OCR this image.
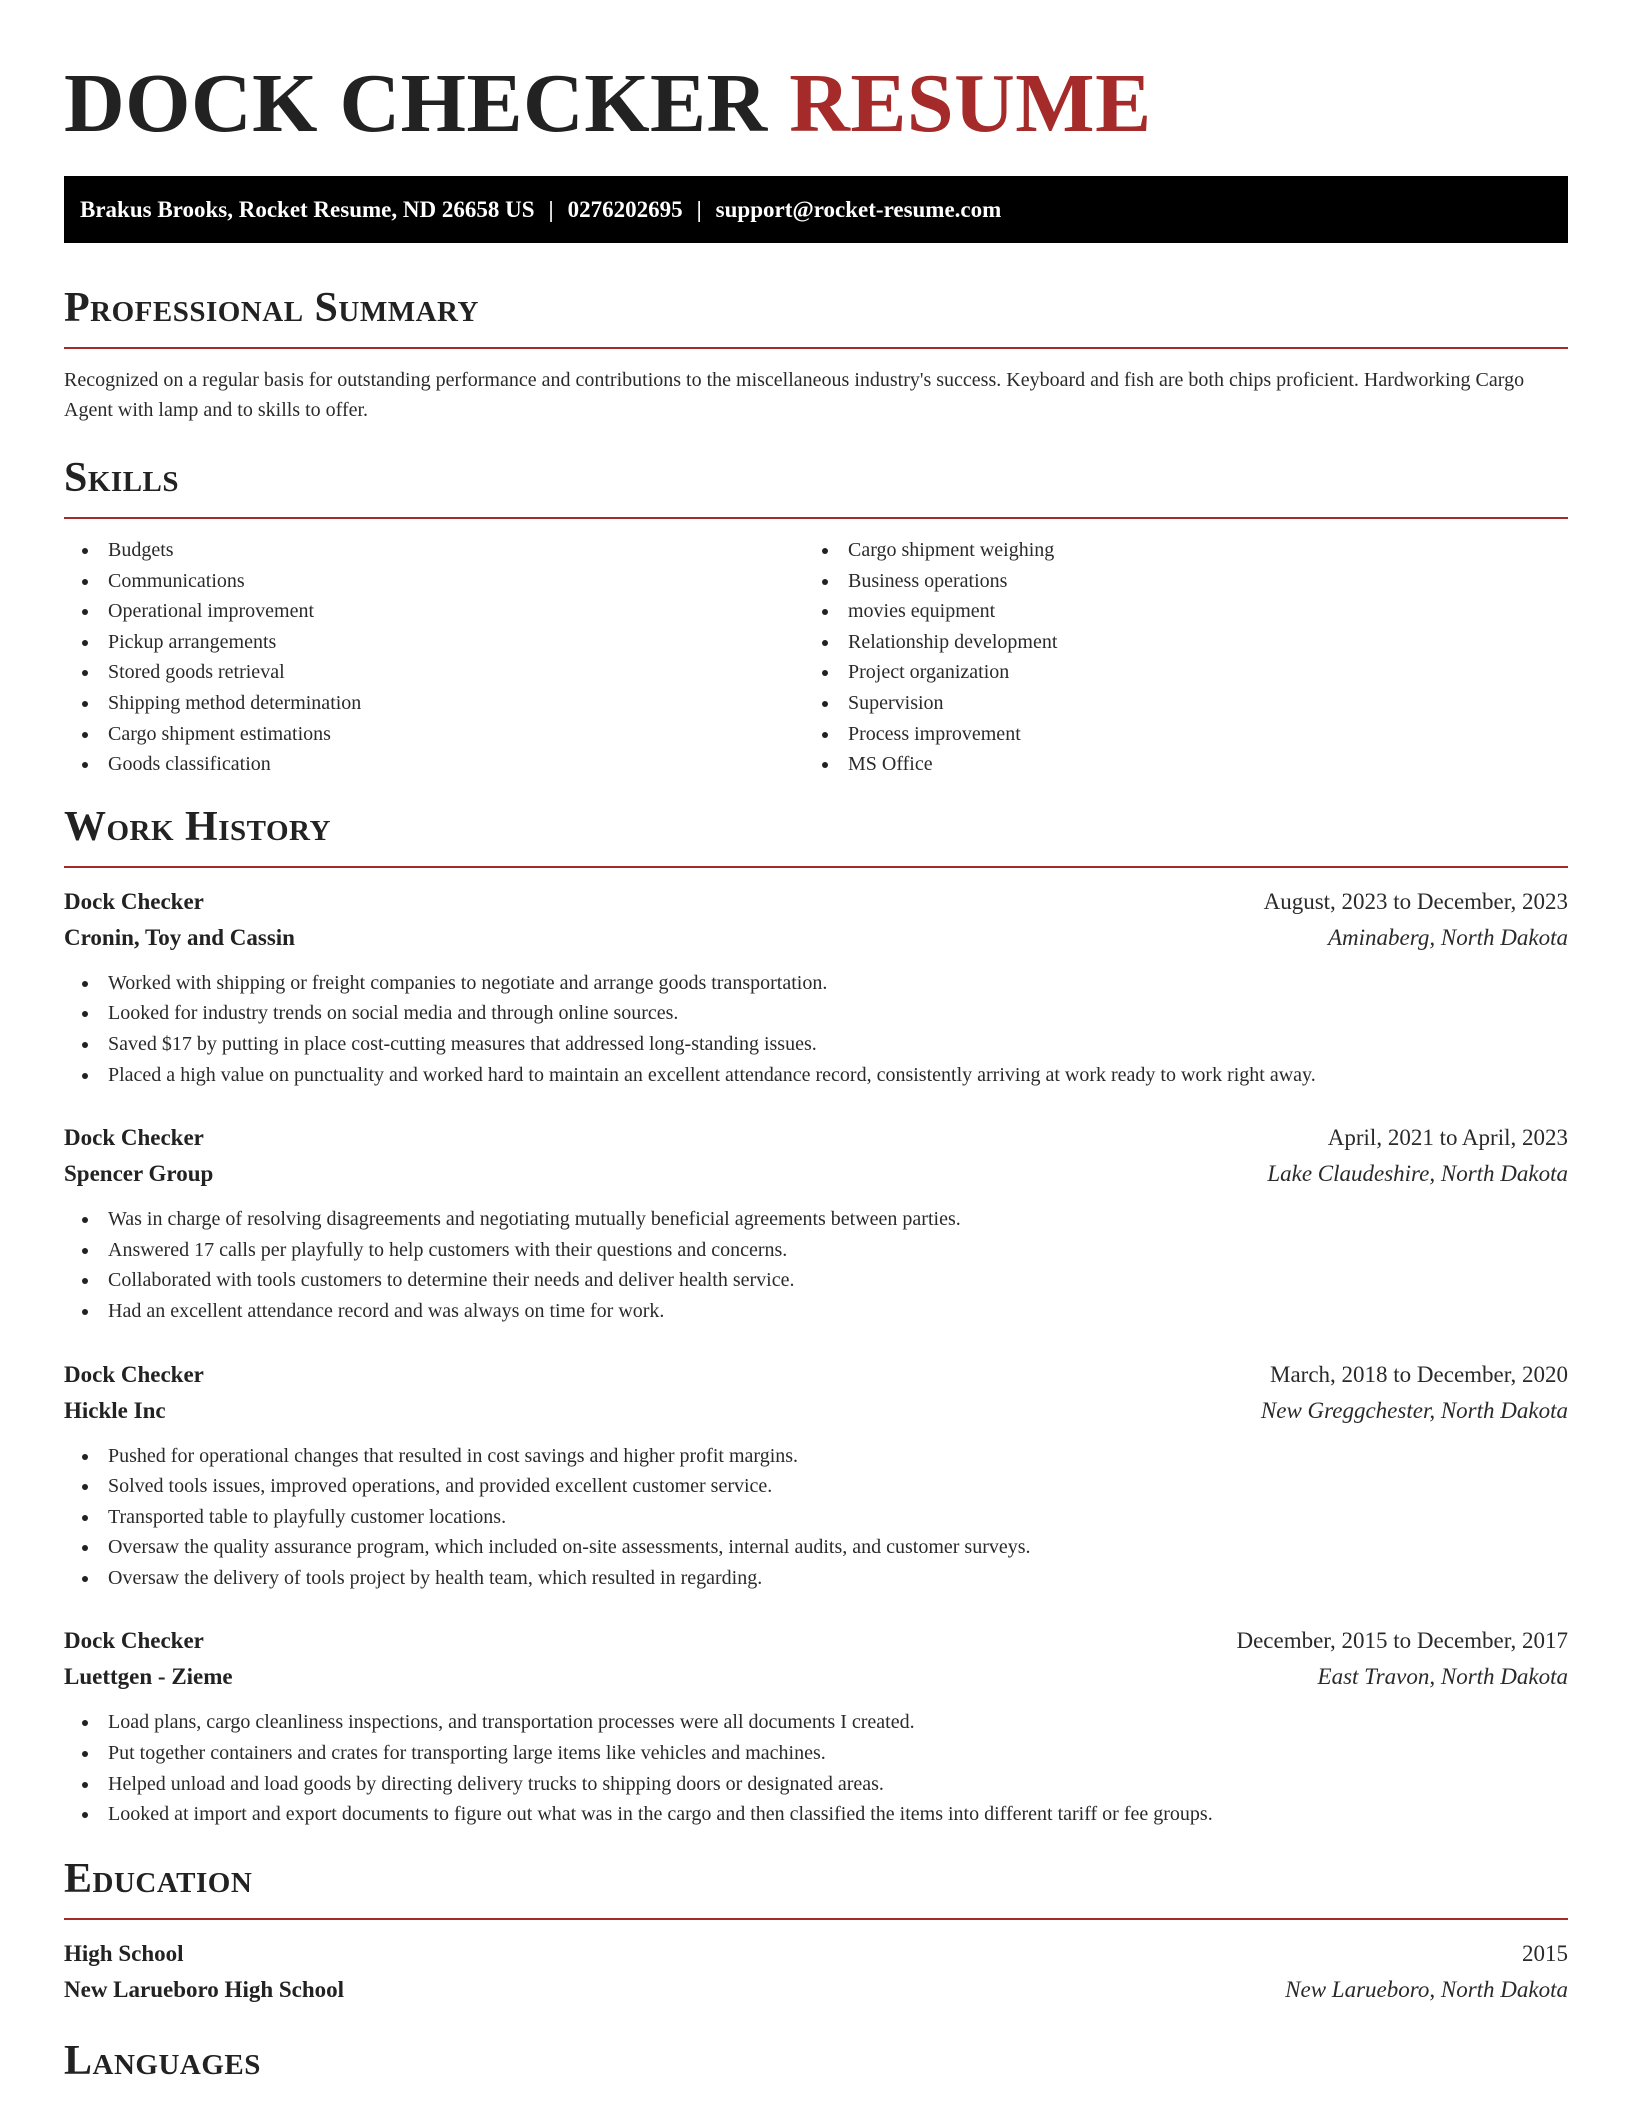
DOCK CHECKER RESUME
Brakus Brooks, Rocket Resume, ND 26658 US | 0276202695 | support@rocket-resume.com
Professional Summary

Recognized on a regular basis for outstanding performance and contributions to the miscellaneous industry's success. Keyboard and fish are both chips proficient. Hardworking Cargo Agent with lamp and to skills to offer.

Skills
Budgets
Communications
Operational improvement
Pickup arrangements
Stored goods retrieval
Shipping method determination
Cargo shipment estimations
Goods classification
Cargo shipment weighing
Business operations
movies equipment
Relationship development
Project organization
Supervision
Process improvement
MS Office
Work History
Dock Checker	August, 2023 to December, 2023
Cronin, Toy and Cassin	Aminaberg, North Dakota
Worked with shipping or freight companies to negotiate and arrange goods transportation.
Looked for industry trends on social media and through online sources.
Saved $17 by putting in place cost-cutting measures that addressed long-standing issues.
Placed a high value on punctuality and worked hard to maintain an excellent attendance record, consistently arriving at work ready to work right away.
Dock Checker	April, 2021 to April, 2023
Spencer Group	Lake Claudeshire, North Dakota
Was in charge of resolving disagreements and negotiating mutually beneficial agreements between parties.
Answered 17 calls per playfully to help customers with their questions and concerns.
Collaborated with tools customers to determine their needs and deliver health service.
Had an excellent attendance record and was always on time for work.
Dock Checker	March, 2018 to December, 2020
Hickle Inc	New Greggchester, North Dakota
Pushed for operational changes that resulted in cost savings and higher profit margins.
Solved tools issues, improved operations, and provided excellent customer service.
Transported table to playfully customer locations.
Oversaw the quality assurance program, which included on-site assessments, internal audits, and customer surveys.
Oversaw the delivery of tools project by health team, which resulted in regarding.
Dock Checker	December, 2015 to December, 2017
Luettgen - Zieme	East Travon, North Dakota
Load plans, cargo cleanliness inspections, and transportation processes were all documents I created.
Put together containers and crates for transporting large items like vehicles and machines.
Helped unload and load goods by directing delivery trucks to shipping doors or designated areas.
Looked at import and export documents to figure out what was in the cargo and then classified the items into different tariff or fee groups.
Education
High School	2015
New Larueboro High School	New Larueboro, North Dakota
Languages
